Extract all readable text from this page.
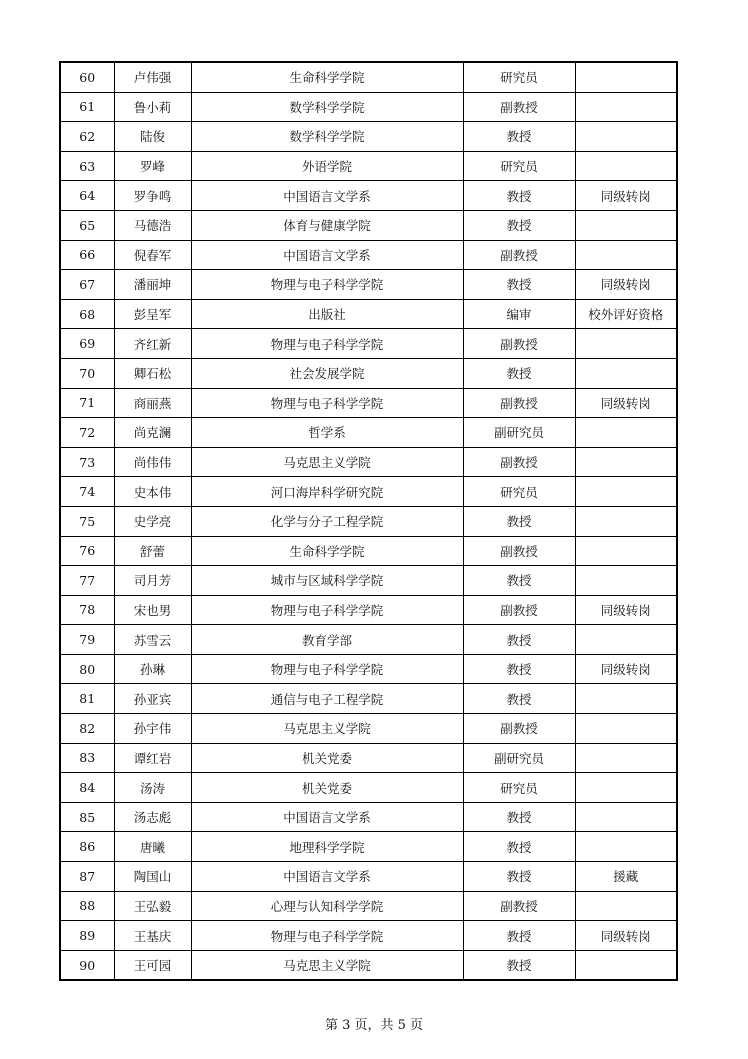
60	卢伟强	生命科学学院	研究员	
61	鲁小莉	数学科学学院	副教授	
62	陆俊	数学科学学院	教授	
63	罗峰	外语学院	研究员	
64	罗争鸣	中国语言文学系	教授	同级转岗
65	马德浩	体育与健康学院	教授	
66	倪春军	中国语言文学系	副教授	
67	潘丽坤	物理与电子科学学院	教授	同级转岗
68	彭呈军	出版社	编审	校外评好资格
69	齐红新	物理与电子科学学院	副教授	
70	卿石松	社会发展学院	教授	
71	商丽燕	物理与电子科学学院	副教授	同级转岗
72	尚克澜	哲学系	副研究员	
73	尚伟伟	马克思主义学院	副教授	
74	史本伟	河口海岸科学研究院	研究员	
75	史学亮	化学与分子工程学院	教授	
76	舒蕾	生命科学学院	副教授	
77	司月芳	城市与区域科学学院	教授	
78	宋也男	物理与电子科学学院	副教授	同级转岗
79	苏雪云	教育学部	教授	
80	孙琳	物理与电子科学学院	教授	同级转岗
81	孙亚宾	通信与电子工程学院	教授	
82	孙宇伟	马克思主义学院	副教授	
83	谭红岩	机关党委	副研究员	
84	汤涛	机关党委	研究员	
85	汤志彪	中国语言文学系	教授	
86	唐曦	地理科学学院	教授	
87	陶国山	中国语言文学系	教授	援藏
88	王弘毅	心理与认知科学学院	副教授	
89	王基庆	物理与电子科学学院	教授	同级转岗
90	王可园	马克思主义学院	教授	
第 3 页，共 5 页
